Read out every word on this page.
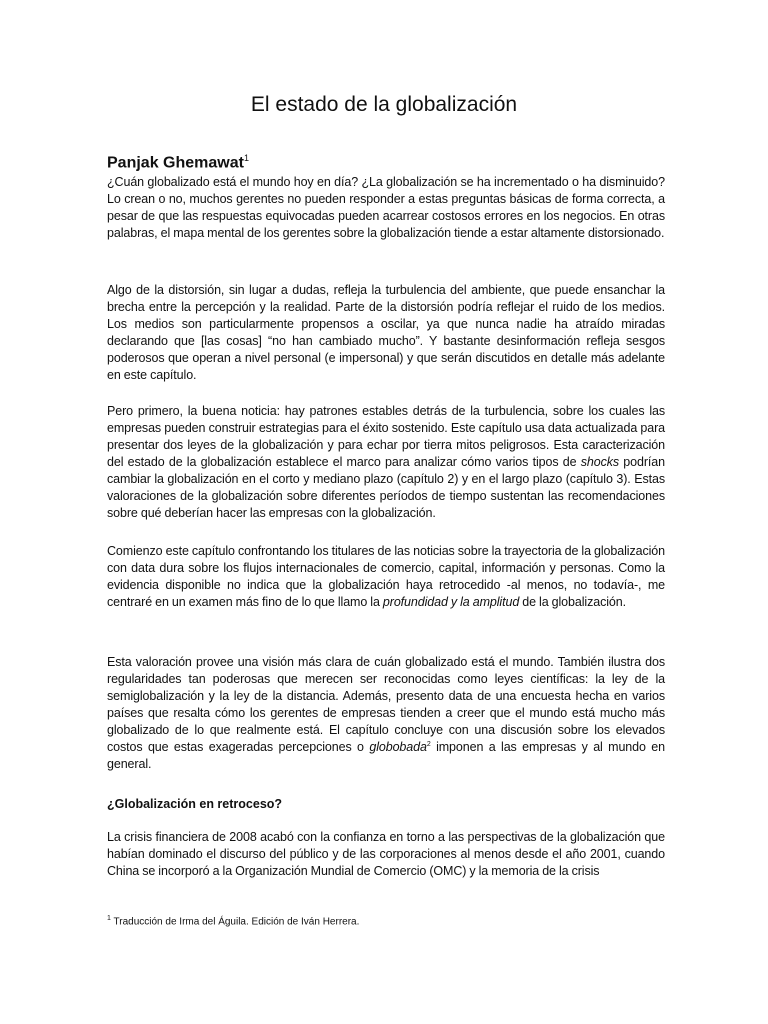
El estado de la globalización
Panjak Ghemawat$^1$

¿Cuán globalizado está el mundo hoy en día? ¿La globalización se ha incrementado o ha disminuido? Lo crean o no, muchos gerentes no pueden responder a estas preguntas básicas de forma correcta, a pesar de que las respuestas equivocadas pueden acarrear costosos errores en los negocios. En otras palabras, el mapa mental de los gerentes sobre la globalización tiende a estar altamente distorsionado.

Algo de la distorsión, sin lugar a dudas, refleja la turbulencia del ambiente, que puede ensanchar la brecha entre la percepción y la realidad. Parte de la distorsión podría reflejar el ruido de los medios. Los medios son particularmente propensos a oscilar, ya que nunca nadie ha atraído miradas declarando que [las cosas] “no han cambiado mucho”. Y bastante desinformación refleja sesgos poderosos que operan a nivel personal (e impersonal) y que serán discutidos en detalle más adelante en este capítulo.

Pero primero, la buena noticia: hay patrones estables detrás de la turbulencia, sobre los cuales las empresas pueden construir estrategias para el éxito sostenido. Este capítulo usa data actualizada para presentar dos leyes de la globalización y para echar por tierra mitos peligrosos. Esta caracterización del estado de la globalización establece el marco para analizar cómo varios tipos de shocks podrían cambiar la globalización en el corto y mediano plazo (capítulo 2) y en el largo plazo (capítulo 3). Estas valoraciones de la globalización sobre diferentes períodos de tiempo sustentan las recomendaciones sobre qué deberían hacer las empresas con la globalización.

Comienzo este capítulo confrontando los titulares de las noticias sobre la trayectoria de la globalización con data dura sobre los flujos internacionales de comercio, capital, información y personas. Como la evidencia disponible no indica que la globalización haya retrocedido -al menos, no todavía-, me centraré en un examen más fino de lo que llamo la profundidad y la amplitud de la globalización.

Esta valoración provee una visión más clara de cuán globalizado está el mundo. También ilustra dos regularidades tan poderosas que merecen ser reconocidas como leyes científicas: la ley de la semiglobalización y la ley de la distancia. Además, presento data de una encuesta hecha en varios países que resalta cómo los gerentes de empresas tienden a creer que el mundo está mucho más globalizado de lo que realmente está. El capítulo concluye con una discusión sobre los elevados costos que estas exageradas percepciones o globobada$^2$ imponen a las empresas y al mundo en general.

¿Globalización en retroceso?

La crisis financiera de 2008 acabó con la confianza en torno a las perspectivas de la globalización que habían dominado el discurso del público y de las corporaciones al menos desde el año 2001, cuando China se incorporó a la Organización Mundial de Comercio (OMC) y la memoria de la crisis

$^1$ Traducción de Irma del Águila. Edición de Iván Herrera.
